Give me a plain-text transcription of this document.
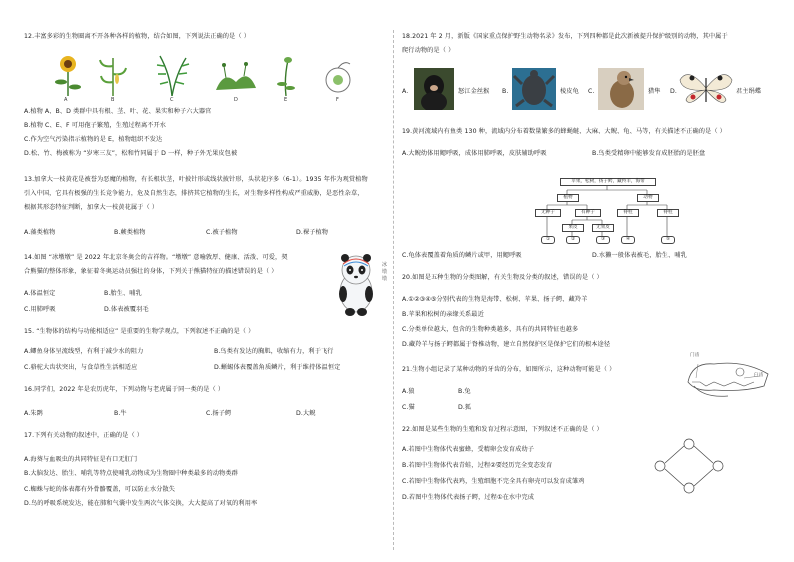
12.丰富多彩的生物圈离不开各种各样的植物，结合如图，下列说法正确的是（ ）
A	B	C	D	E	F
A.植物 A、B、D 类群中具有根、茎、叶、花、果实和种子六大器官
B.植物 C、E、F 可用孢子繁殖，生殖过程离不开水
C.作为空气污染指示植物的是 E，植物组织不发达
D.松、竹、梅被称为 “岁寒三友”，松和竹同属于 D 一样，种子外无果皮包被
13.加拿大一枝黄花是被誉为恶魔的植物，有长根状茎，叶披针形或线状披针形，头状花序多（6-1）。1935 年作为观赏植物
引入中国，它具有极强的生长竞争能力，危及自然生态，排挤其它植物的生长，对生物多样性构成严重威胁，是恶性杂草，
根据其形态特征判断，加拿大一枝黄花属于（ ）
A.藻类植物	B.蕨类植物	C.被子植物	D.裸子植物
14.如图 “冰墩墩” 是 2022 年北京冬奥会的吉祥物。“墩墩” 意喻敦厚、健康、活泼、可爱，契
合熊猫的整体形象，象征着冬奥运动员强壮的身体，下列关于熊猫特征的描述错误的是（ ）
A.体温恒定	B.胎生、哺乳
C.用肺呼吸	D.体表被覆羽毛
冰墩墩
15. “生物体的结构与功能相适应” 是重要的生物学观点，下列叙述不正确的是（ ）
A.鲫鱼身体呈流线型，有利于减少水的阻力	B.鸟类有发达的胸肌，收缩有力，利于飞行
C.骆驼大齿状突出，与食草性生活相适应	D.蜥蜴体表覆盖角质鳞片，利于维持体温恒定
16.同学们，2022 年是农历虎年，下列动物与老虎属于同一类的是（ ）
A.朱鹮	B.牛	C.扬子鳄	D.大鲵
17.下列有关动物的叙述中，正确的是（ ）
A.海葵与血吸虫的共同特征是有口无肛门
B.大脑发达、胎生、哺乳等特点使哺乳动物成为生物圈中种类最多的动物类群
C.蜘蛛与蛇的体表都有外骨骼覆盖，可以防止水分散失
D.鸟的呼吸系统发达，能在肺和气囊中发生两次气体交换，大大提高了对氧的利用率
18.2021 年 2 月，新版《国家重点保护野生动物名录》发布，下列四种都是此次新被提升保护级别的动物，其中属于
爬行动物的是（ ）
A.	怒江金丝猴 B.	棱皮龟 C.	猎隼 D.	君主绢蝶
19.黄河流域内有鱼类 130 种，流域内分布着数量繁多的蜂蝇鲢、大麻、大鲵、龟、马等，有关描述不正确的是（ ）
A.大鲵幼体用鳃呼吸，成体用肺呼吸，皮肤辅助呼吸	B.鸟类受精卵中能够发育成胚胎的是胚盘
苹果，松树，扬子鳄，藏羚羊，海带
植物	动物
无种子	有种子	脊柱	脊柱
果皮	无果皮
①	②	③	④	⑤
C.龟体表覆盖着角质的鳞片或甲，用鳃呼吸	D.水獭一般体表被毛，胎生、哺乳
20.如图是五种生物的分类图解，有关生物及分类的叙述，错误的是（ ）
A.①②③④⑤分别代表的生物是海带、松树、苹果、扬子鳄、藏羚羊
B.苹果和松树的亲缘关系最近
C.分类单位越大，包含的生物种类越多，具有的共同特征也越多
D.藏羚羊与扬子鳄都属于脊椎动物，建立自然保护区是保护它们的根本途径
21.生物小组记录了某种动物的牙齿的分布，如图所示，这种动物可能是（ ）
A.狼	B.兔
C.猫	D.狐
门齿
臼齿
22.如图是某些生物的生殖和发育过程示意图，下列叙述不正确的是（ ）
A.若图中生物体代表蜜蜂，受精卵会发育成幼子
B.若图中生物体代表青蛙，过程②要经历完全变态发育
C.若图中生物体代表鸡，生殖细胞不完全具有卵壳可以发育成雏鸡
D.若图中生物体代表扬子鳄，过程①在水中完成
